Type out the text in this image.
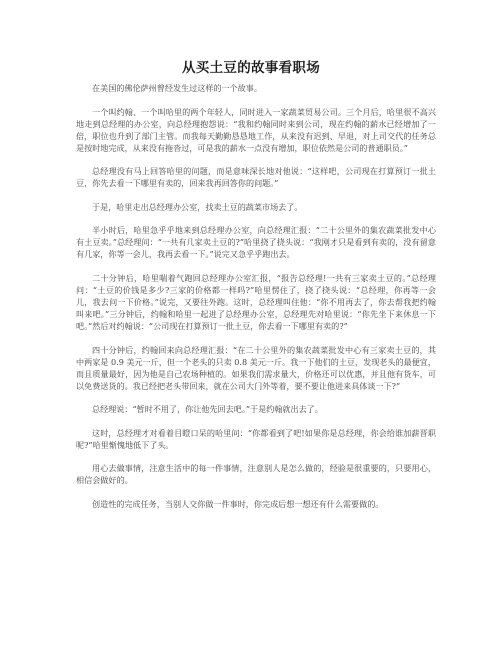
从买土豆的故事看职场

在美国的佛伦萨州曾经发生过这样的一个故事。

一个叫约翰、一个叫哈里的两个年轻人，同时进入一家蔬菜贸易公司。三个月后，哈里很不高兴地走到总经理的办公室，向总经理抱怨说：“我和约翰同时来到公司，现在约翰的薪水已经增加了一倍，职位也升到了部门主管。而我每天勤勤恳恳地工作，从来没有迟到、早退，对上司交代的任务总是按时地完成，从来没有拖沓过，可是我的薪水一点没有增加，职位依然是公司的普通职员。”

总经理没有马上回答哈里的问题，而是意味深长地对他说：“这样吧，公司现在打算预订一批土豆，你先去看一下哪里有卖的，回来我再回答你的问题。”

于是，哈里走出总经理办公室，找卖土豆的蔬菜市场去了。

半小时后，哈里急乎乎地来到总经理办公室，向总经理汇报：“二十公里外的集农蔬菜批发中心有土豆卖。”总经理问：“一共有几家卖土豆的?”哈里挠了挠头说：“我刚才只是看到有卖的，没有留意有几家，你等一会儿，我再去看一下。”说完又急乎乎跑出去。

二十分钟后，哈里喘着气跑回总经理办公室汇报，“报告总经理!一共有三家卖土豆的。”总经理问：“土豆的价钱是多少?三家的价格都一样吗?”哈里愣住了，挠了挠头说：“总经理，你再等一会儿，我去问一下价格。”说完，又要往外跑。这时，总经理叫住他：“你不用再去了，你去帮我把约翰叫来吧。”三分钟后，约翰和哈里一起进了总经理办公室，总经理先对哈里说：“你先坐下来休息一下吧。”然后对约翰说：“公司现在打算预订一批土豆，你去看一下哪里有卖的?”

四十分钟后，约翰回来向总经理汇报：“在二十公里外的集农蔬菜批发中心有三家卖土豆的，其中两家是 0.9 美元一斤，但一个老头的只卖 0.8 美元一斤。我一下他们的土豆，发现老头的最便宜，而且质量最好，因为他是自己农场种植的。如果我们需求量大，价格还可以优惠，并且他有货车，可以免费送货的。我已经把老头带回来，就在公司大门外等着，要不要让他进来具体谈一下?”

总经理说：“暂时不用了，你让他先回去吧。”于是约翰就出去了。

这时，总经理才对看着目瞪口呆的哈里问：“你都看到了吧!如果你是总经理，你会给谁加薪晋职呢?”哈里惭愧地低下了头。

用心去做事情，注意生活中的每一件事情，注意别人是怎么做的，经验是很重要的，只要用心，相信会做好的。

创造性的完成任务，当别人交你做一件事时，你完成后想一想还有什么需要做的。
